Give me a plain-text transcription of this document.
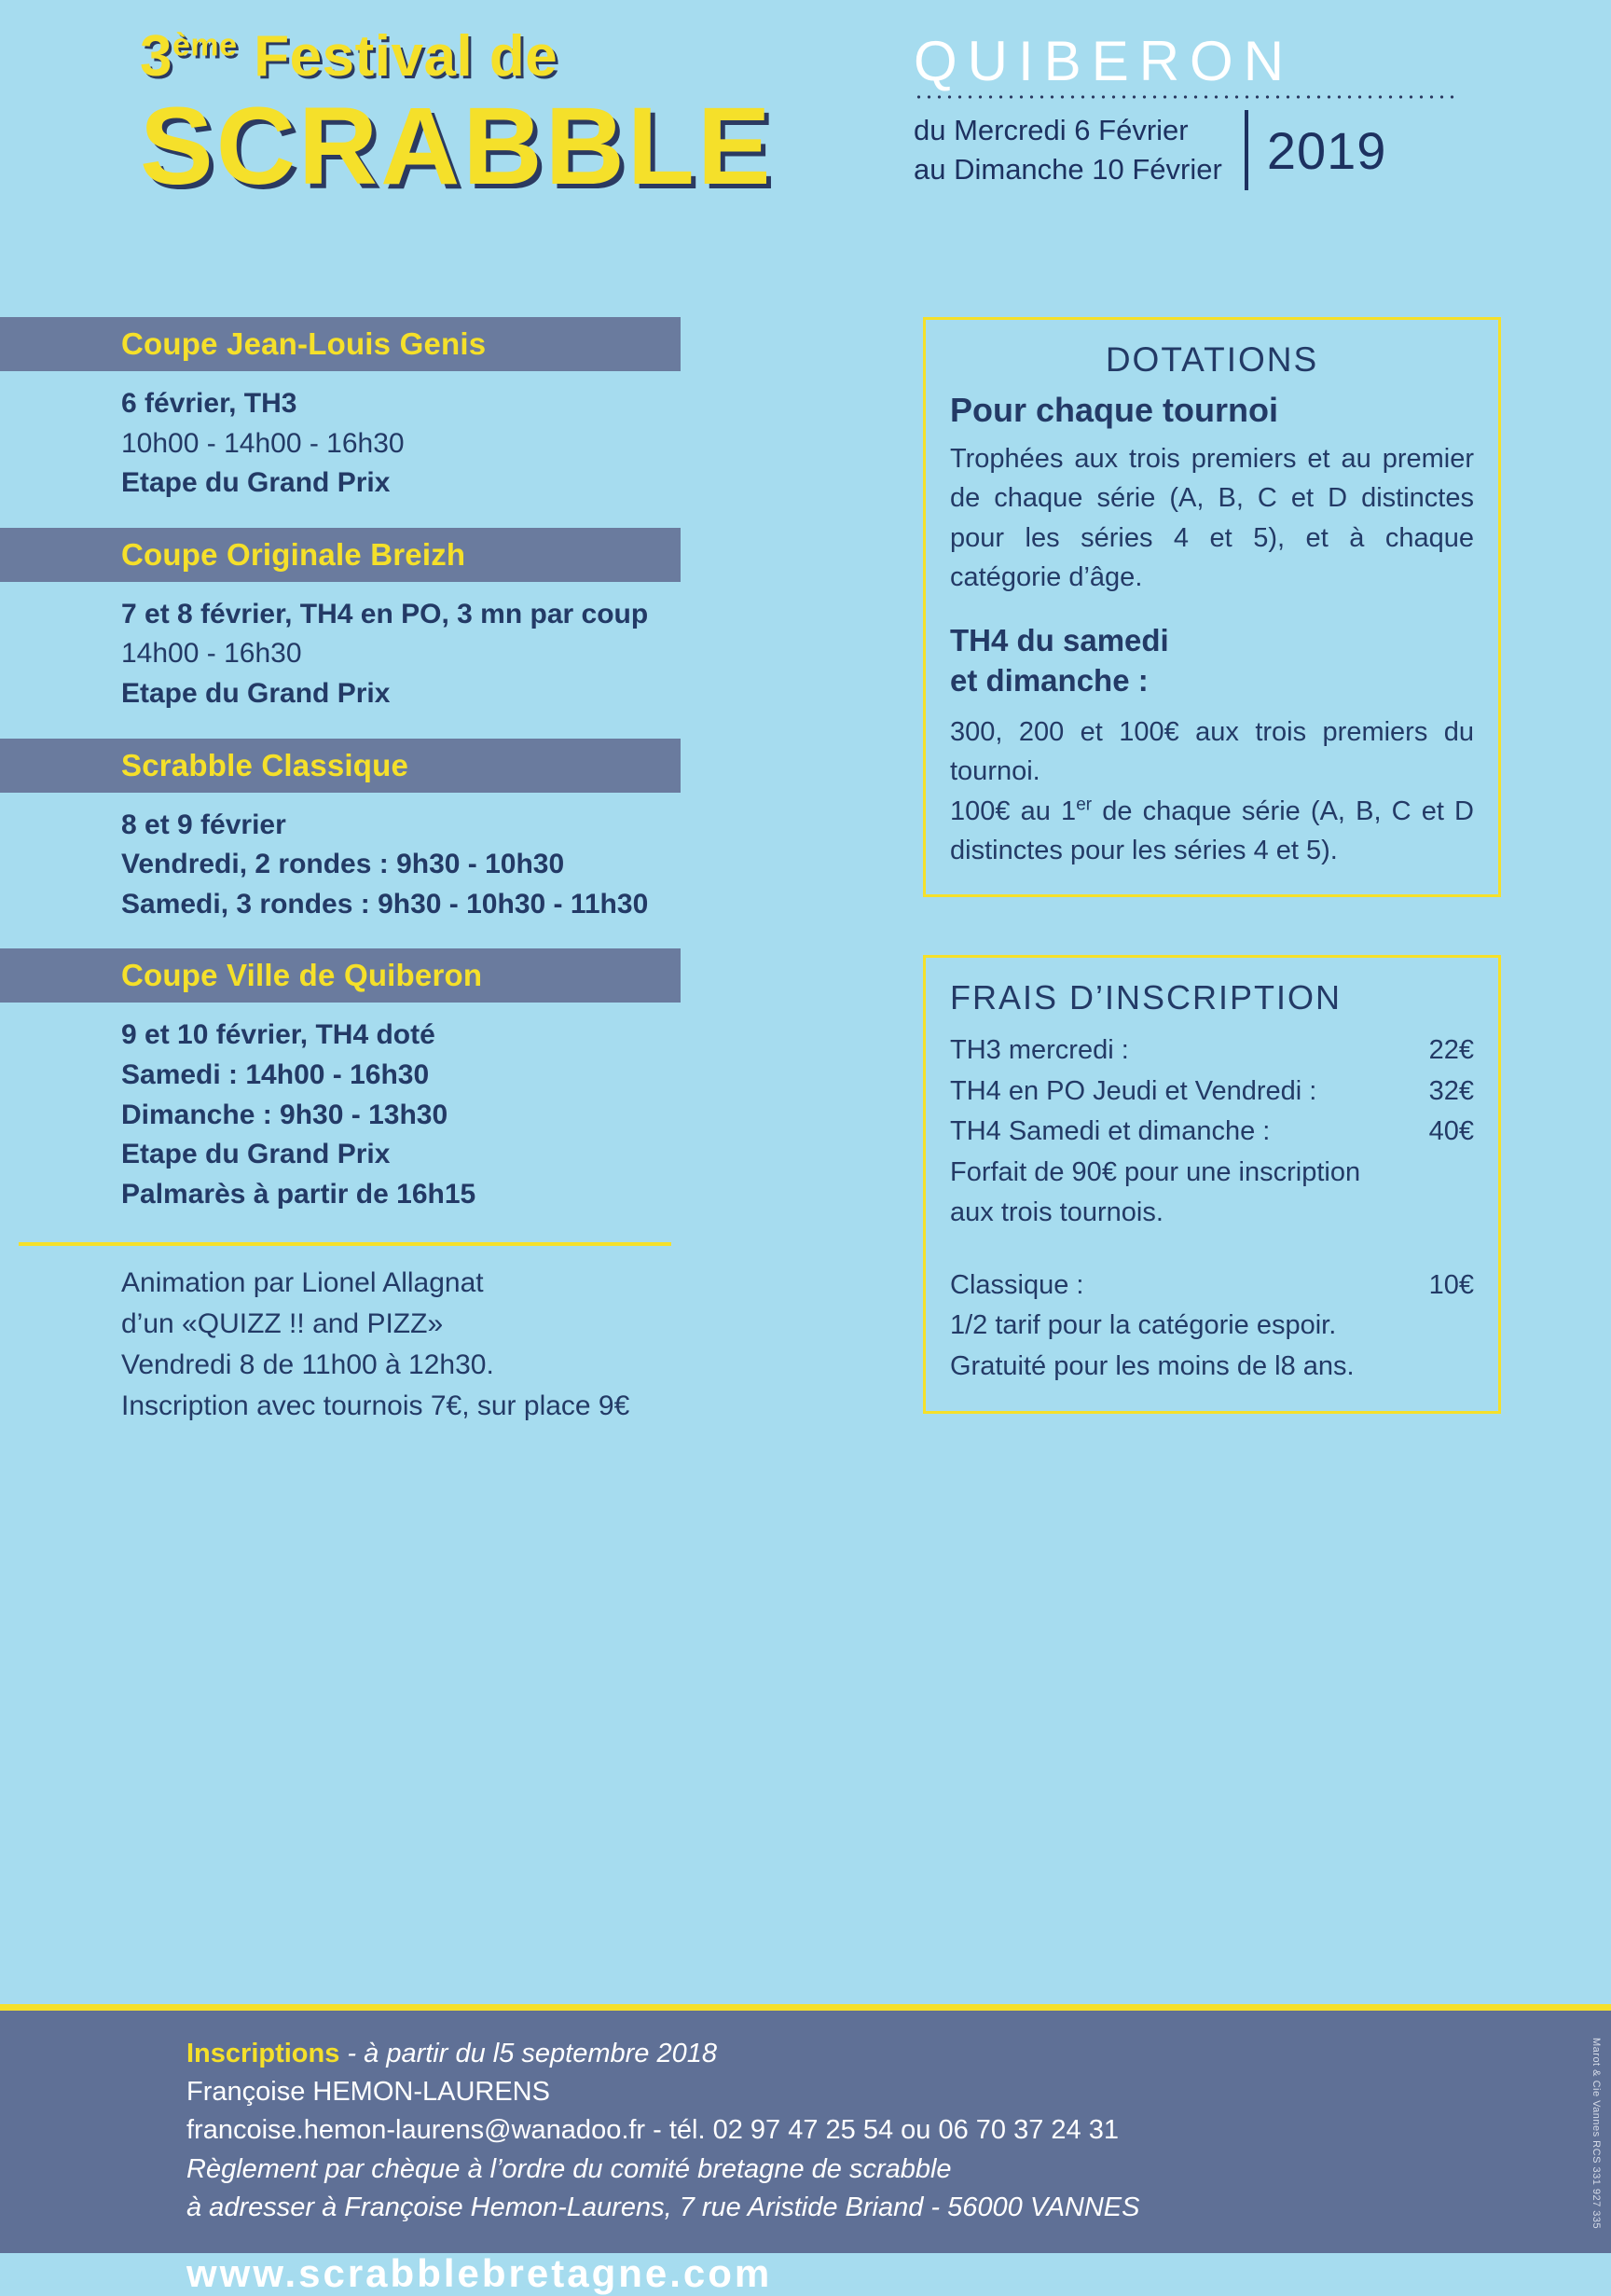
3ème Festival de
SCRABBLE
QUIBERON
du Mercredi 6 Février
au Dimanche 10 Février 2019
Coupe Jean-Louis Genis
6 février, TH3
10h00 - 14h00 - 16h30
Etape du Grand Prix
Coupe Originale Breizh
7 et 8 février, TH4 en PO, 3 mn par coup
14h00 - 16h30
Etape du Grand Prix
Scrabble Classique
8 et 9 février
Vendredi, 2 rondes : 9h30 - 10h30
Samedi, 3 rondes : 9h30 - 10h30 - 11h30
Coupe Ville de Quiberon
9 et 10 février, TH4 doté
Samedi : 14h00 - 16h30
Dimanche : 9h30 - 13h30
Etape du Grand Prix
Palmarès à partir de 16h15
Animation par Lionel Allagnat
d’un «QUIZZ !! and PIZZ»
Vendredi 8 de 11h00 à 12h30.
Inscription avec tournois 7€, sur place 9€
DOTATIONS
Pour chaque tournoi

Trophées aux trois premiers et au premier de chaque série (A, B, C et D distinctes pour les séries 4 et 5), et à chaque catégorie d’âge.

TH4 du samedi
et dimanche :

300, 200 et 100€ aux trois premiers du tournoi.

100€ au 1er de chaque série (A, B, C et D distinctes pour les séries 4 et 5).

FRAIS D’INSCRIPTION
TH3 mercredi :	22€
TH4 en PO Jeudi et Vendredi :	32€
TH4 Samedi et dimanche :	40€
Forfait de 90€ pour une inscription
aux trois tournois.
Classique :	10€
1/2 tarif pour la catégorie espoir.
Gratuité pour les moins de l8 ans.
Inscriptions - à partir du l5 septembre 2018
Françoise HEMON-LAURENS
francoise.hemon-laurens@wanadoo.fr - tél. 02 97 47 25 54 ou 06 70 37 24 31
Règlement par chèque à l’ordre du comité bretagne de scrabble
à adresser à Françoise Hemon-Laurens, 7 rue Aristide Briand - 56000 VANNES
www.scrabblebretagne.com
Marot & Cie Vannes RCS 331 927 335
